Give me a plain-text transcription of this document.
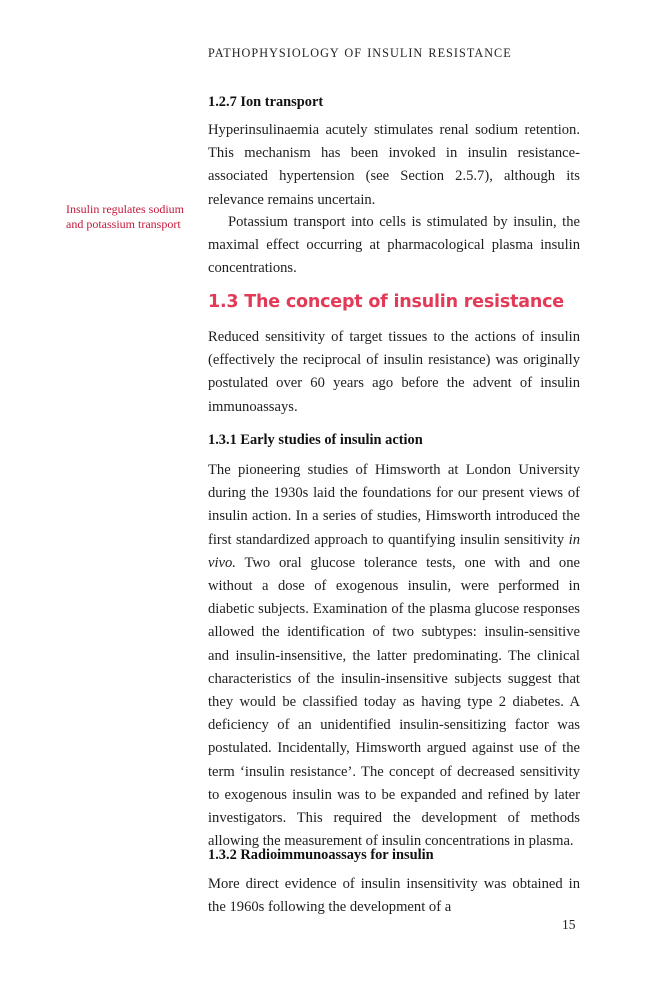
PATHOPHYSIOLOGY OF INSULIN RESISTANCE
1.2.7 Ion transport

Hyperinsulinaemia acutely stimulates renal sodium retention. This mechanism has been invoked in insulin resistance-associated hypertension (see Section 2.5.7), although its relevance remains uncertain.

Potassium transport into cells is stimulated by insulin, the maximal effect occurring at pharmacological plasma insulin concentrations.

Insulin regulates sodium and potassium transport

1.3 The concept of insulin resistance

Reduced sensitivity of target tissues to the actions of insulin (effectively the reciprocal of insulin resistance) was originally postulated over 60 years ago before the advent of insulin immunoassays.

1.3.1 Early studies of insulin action

The pioneering studies of Himsworth at London University during the 1930s laid the foundations for our present views of insulin action. In a series of studies, Himsworth introduced the first standardized approach to quantifying insulin sensitivity in vivo. Two oral glucose tolerance tests, one with and one without a dose of exogenous insulin, were performed in diabetic subjects. Examination of the plasma glucose responses allowed the identification of two subtypes: insulin-sensitive and insulin-insensitive, the latter predominating. The clinical characteristics of the insulin-insensitive subjects suggest that they would be classified today as having type 2 diabetes. A deficiency of an unidentified insulin-sensitizing factor was postulated. Incidentally, Himsworth argued against use of the term ‘insulin resistance’. The concept of decreased sensitivity to exogenous insulin was to be expanded and refined by later investigators. This required the development of methods allowing the measurement of insulin concentrations in plasma.

1.3.2 Radioimmunoassays for insulin

More direct evidence of insulin insensitivity was obtained in the 1960s following the development of a

15
